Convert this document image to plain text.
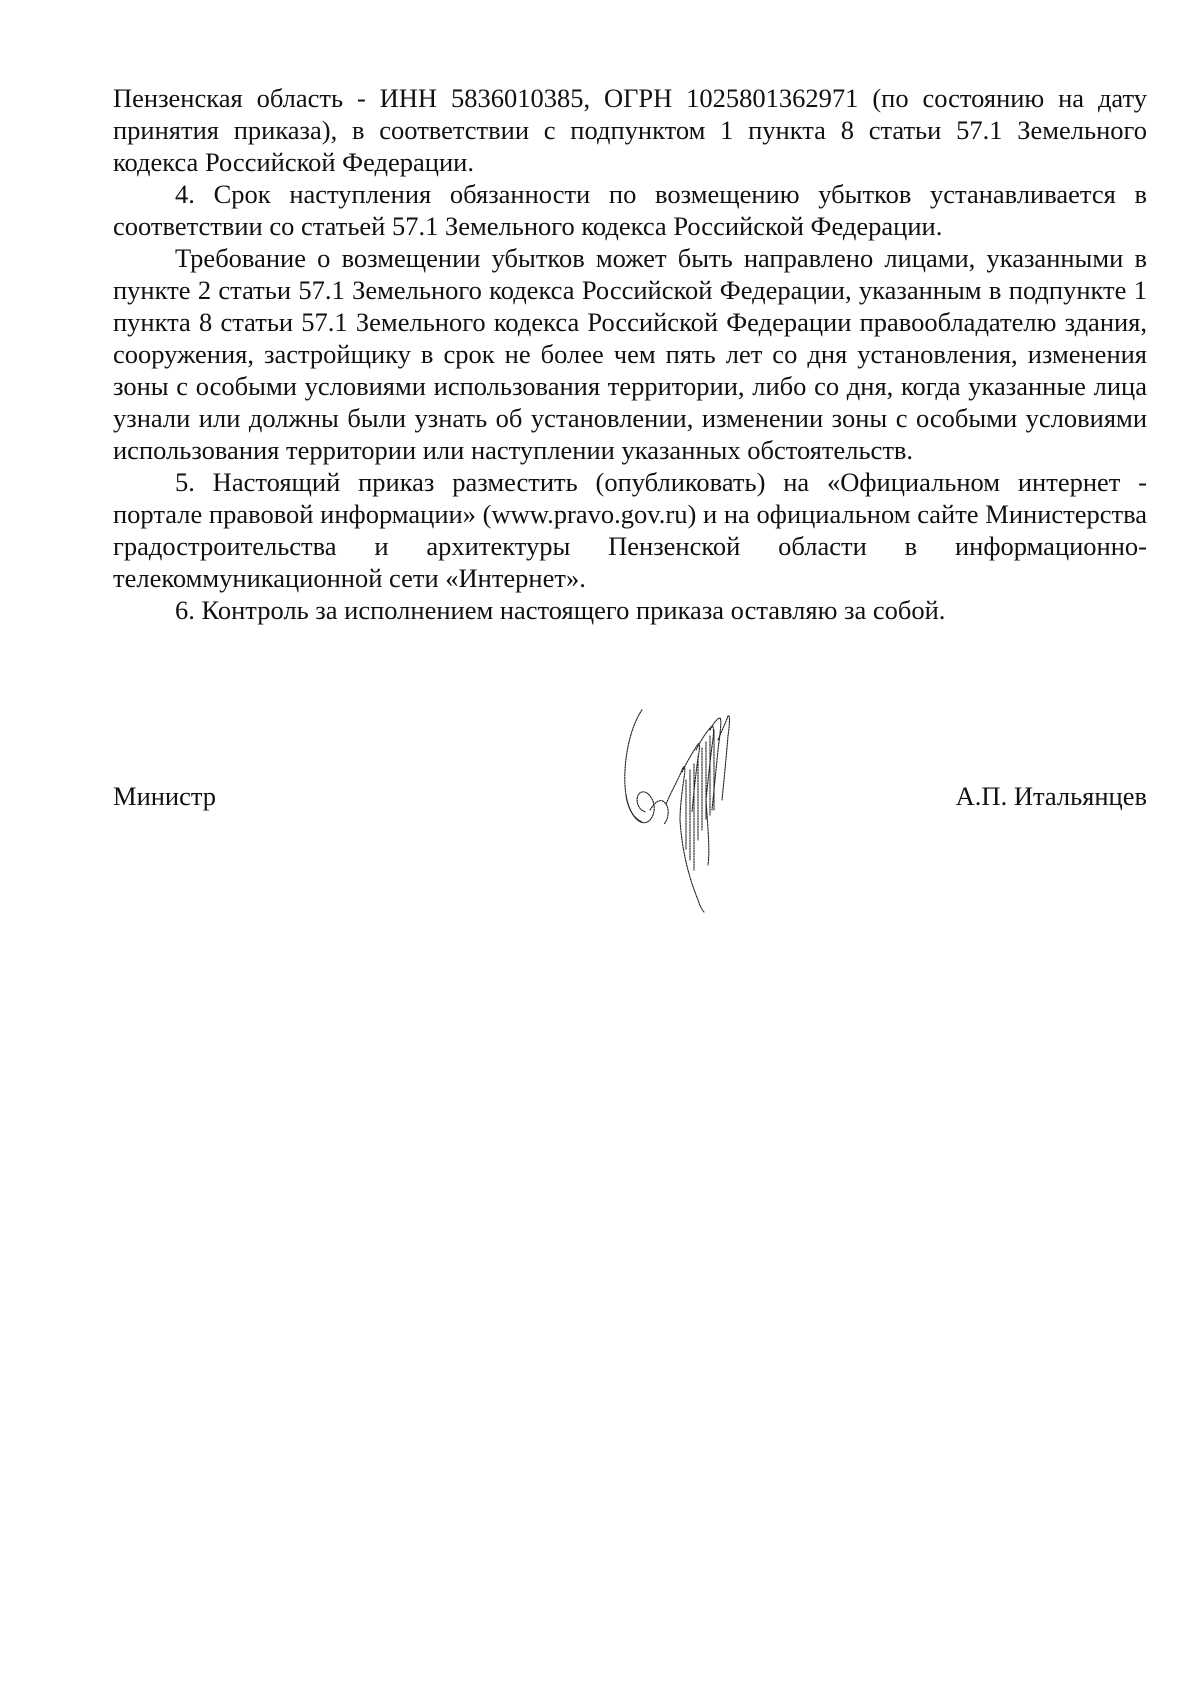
Пензенская область - ИНН 5836010385, ОГРН 1025801362971 (по состоянию на дату принятия приказа), в соответствии с подпунктом 1 пункта 8 статьи 57.1 Земельного кодекса Российской Федерации.

4. Срок наступления обязанности по возмещению убытков устанавливается в соответствии со статьей 57.1 Земельного кодекса Российской Федерации.

Требование о возмещении убытков может быть направлено лицами, указанными в пункте 2 статьи 57.1 Земельного кодекса Российской Федерации, указанным в подпункте 1 пункта 8 статьи 57.1 Земельного кодекса Российской Федерации правообладателю здания, сооружения, застройщику в срок не более чем пять лет со дня установления, изменения зоны с особыми условиями использования территории, либо со дня, когда указанные лица узнали или должны были узнать об установлении, изменении зоны с особыми условиями использования территории или наступлении указанных обстоятельств.

5. Настоящий приказ разместить (опубликовать) на «Официальном интернет - портале правовой информации» (www.pravo.gov.ru) и на официальном сайте Министерства градостроительства и архитектуры Пензенской области в информационно-телекоммуникационной сети «Интернет».

6. Контроль за исполнением настоящего приказа оставляю за собой.

Министр	А.П. Итальянцев
